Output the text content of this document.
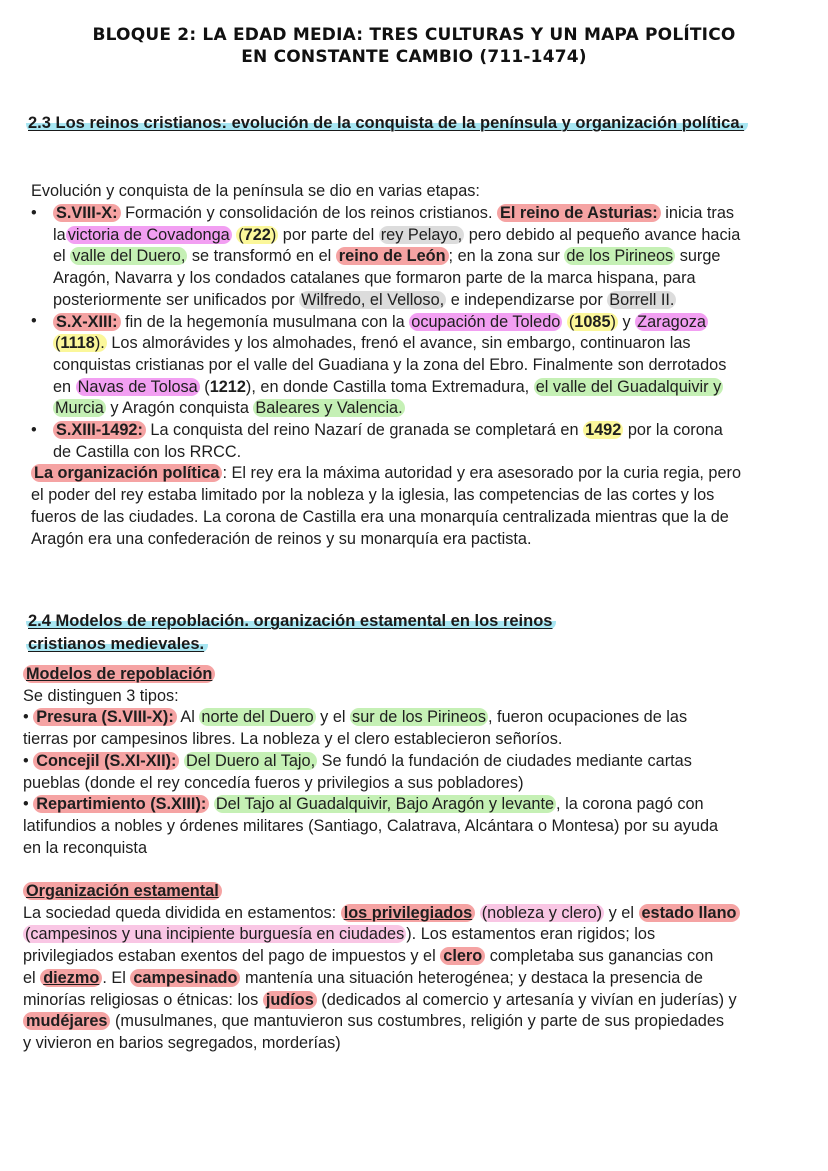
BLOQUE 2: LA EDAD MEDIA: TRES CULTURAS Y UN MAPA POLÍTICO
EN CONSTANTE CAMBIO (711-1474)
2.3 Los reinos cristianos: evolución de la conquista de la península y organización política.
Evolución y conquista de la península se dio en varias etapas:
• S.VIII-X: Formación y consolidación de los reinos cristianos. El reino de Asturias: inicia tras
la victoria de Covadonga (722) por parte del rey Pelayo, pero debido al pequeño avance hacia
el valle del Duero, se transformó en el reino de León ; en la zona sur de los Pirineos surge
Aragón, Navarra y los condados catalanes que formaron parte de la marca hispana, para
posteriormente ser unificados por Wilfredo, el Velloso, e independizarse por Borrell II.
• S.X-XIII: fin de la hegemonía musulmana con la ocupación de Toledo (1085) y Zaragoza
(1118). Los almorávides y los almohades, frenó el avance, sin embargo, continuaron las
conquistas cristianas por el valle del Guadiana y la zona del Ebro. Finalmente son derrotados
en Navas de Tolosa (1212), en donde Castilla toma Extremadura, el valle del Guadalquivir y
Murcia y Aragón conquista Baleares y Valencia.
• S.XIII-1492: La conquista del reino Nazarí de granada se completará en 1492 por la corona
de Castilla con los RRCC.
La organización política : El rey era la máxima autoridad y era asesorado por la curia regia, pero
el poder del rey estaba limitado por la nobleza y la iglesia, las competencias de las cortes y los
fueros de las ciudades. La corona de Castilla era una monarquía centralizada mientras que la de
Aragón era una confederación de reinos y su monarquía era pactista.
2.4 Modelos de repoblación. organización estamental en los reinos
cristianos medievales.
Modelos de repoblación
Se distinguen 3 tipos:
• Presura (S.VIII-X): Al norte del Duero y el sur de los Pirineos , fueron ocupaciones de las
tierras por campesinos libres. La nobleza y el clero establecieron señoríos.
• Concejil (S.XI-XII): Del Duero al Tajo, Se fundó la fundación de ciudades mediante cartas
pueblas (donde el rey concedía fueros y privilegios a sus pobladores)
• Repartimiento (S.XIII): Del Tajo al Guadalquivir, Bajo Aragón y levante , la corona pagó con
latifundios a nobles y órdenes militares (Santiago, Calatrava, Alcántara o Montesa) por su ayuda
en la reconquista
Organización estamental
La sociedad queda dividida en estamentos: los privilegiados (nobleza y clero) y el estado llano
(campesinos y una incipiente burguesía en ciudades ). Los estamentos eran rigidos; los
privilegiados estaban exentos del pago de impuestos y el clero completaba sus ganancias con
el diezmo . El campesinado mantenía una situación heterogénea; y destaca la presencia de
minorías religiosas o étnicas: los judíos (dedicados al comercio y artesanía y vivían en juderías) y
mudéjares (musulmanes, que mantuvieron sus costumbres, religión y parte de sus propiedades
y vivieron en barios segregados, morderías)
